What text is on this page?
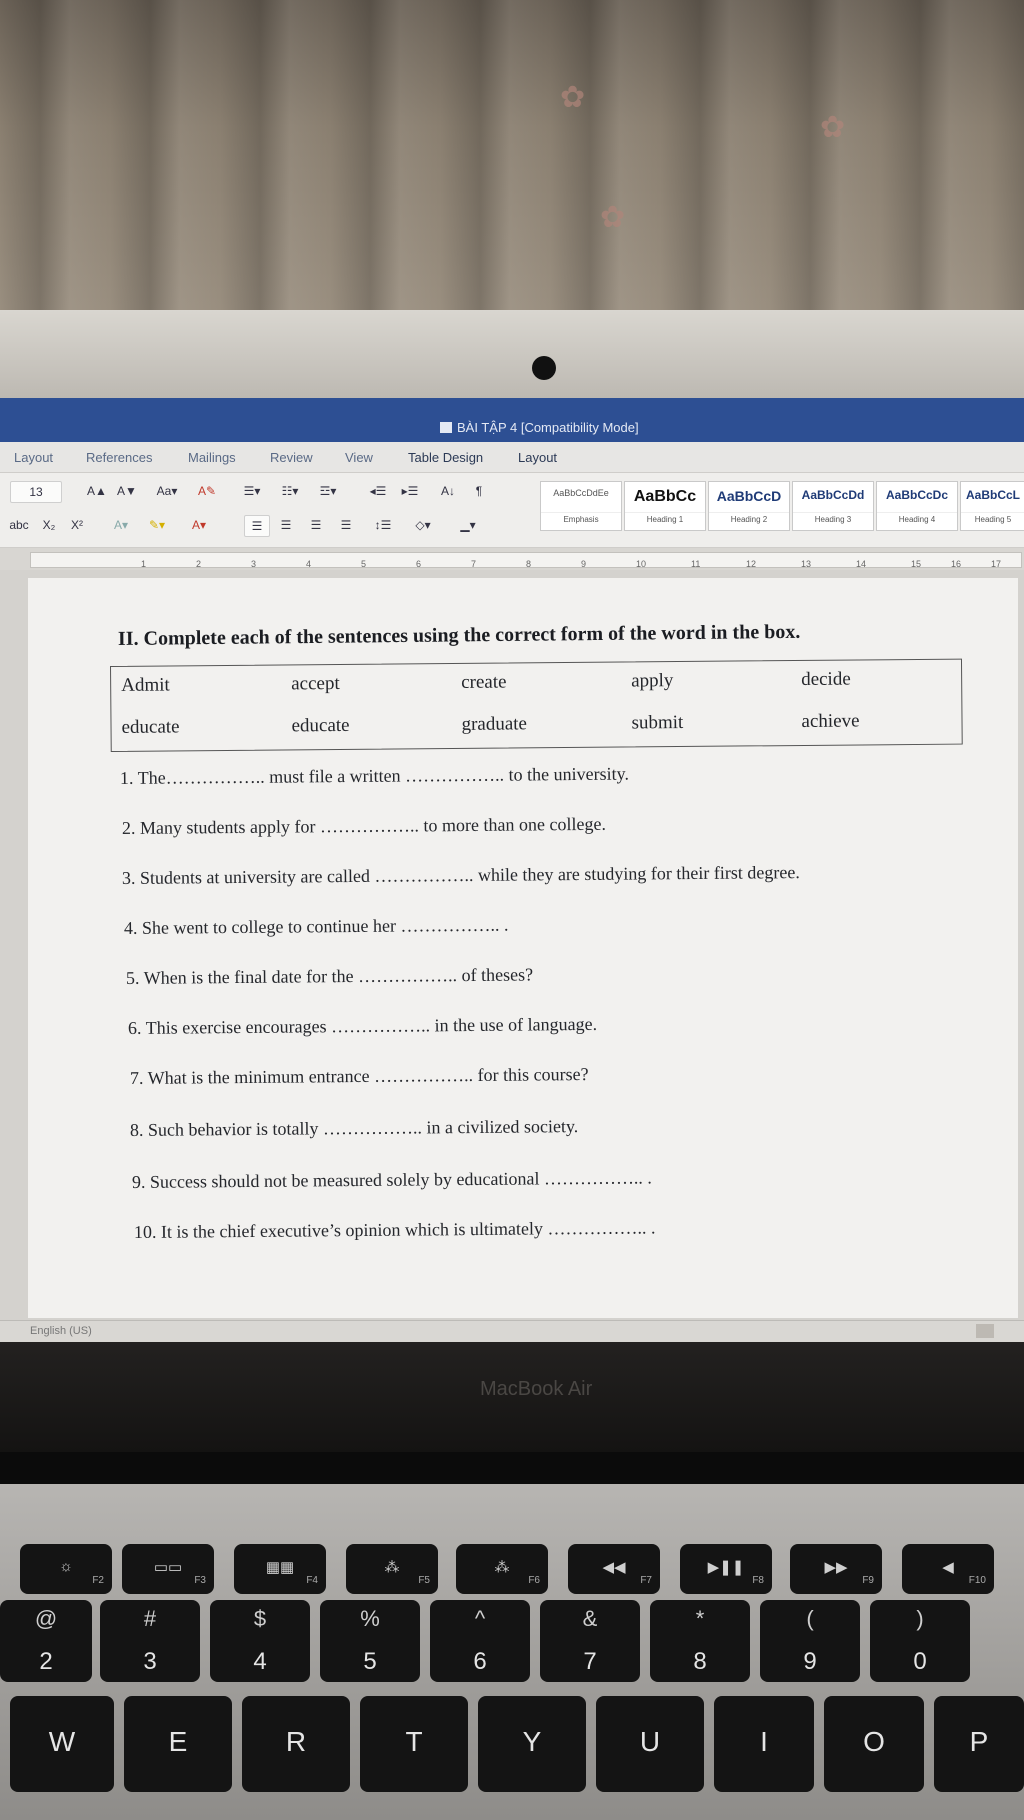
✿
✿
✿
BÀI TẬP 4 [Compatibility Mode]
Layout	References	Mailings	Review View	Table Design	Layout
13	A▲ A▼	Aa▾	A✎	☰▾	☷▾	☲▾	◂☰	▸☰	A↓	¶
abc	X₂	X²	A▾	✎▾	A▾	☰	☰	☰	☰	↕☰	◇▾	▁▾
AaBbCcDdEe
Emphasis
AaBbCc
Heading 1
AaBbCcD
Heading 2
AaBbCcDd
Heading 3
AaBbCcDc
Heading 4
AaBbCcL
Heading 5
1	2	3	4	5	6	7	8	9	10	11	12	13	14	15	16	17
II. Complete each of the sentences using the correct form of the word in the box.
Admit	accept	create	apply	decide
educate	educate	graduate	submit	achieve
1. The…………….. must file a written …………….. to the university.
2. Many students apply for …………….. to more than one college.
3. Students at university are called …………….. while they are studying for their first degree.
4. She went to college to continue her …………….. .
5. When is the final date for the …………….. of theses?
6. This exercise encourages …………….. in the use of language.
7. What is the minimum entrance …………….. for this course?
8. Such behavior is totally …………….. in a civilized society.
9. Success should not be measured solely by educational …………….. .
10. It is the chief executive’s opinion which is ultimately …………….. .
English (US)
MacBook Air
☼
F2
▭▭
F3
▦▦
F4
⁂
F5
⁂
F6
◀◀
F7
▶❚❚
F8
▶▶
F9
◀
F10
@
2
#
3
$
4
%
5
^
6
&
7
*
8
(
9
)
0
W	E	R	T	Y	U	I	O	P
